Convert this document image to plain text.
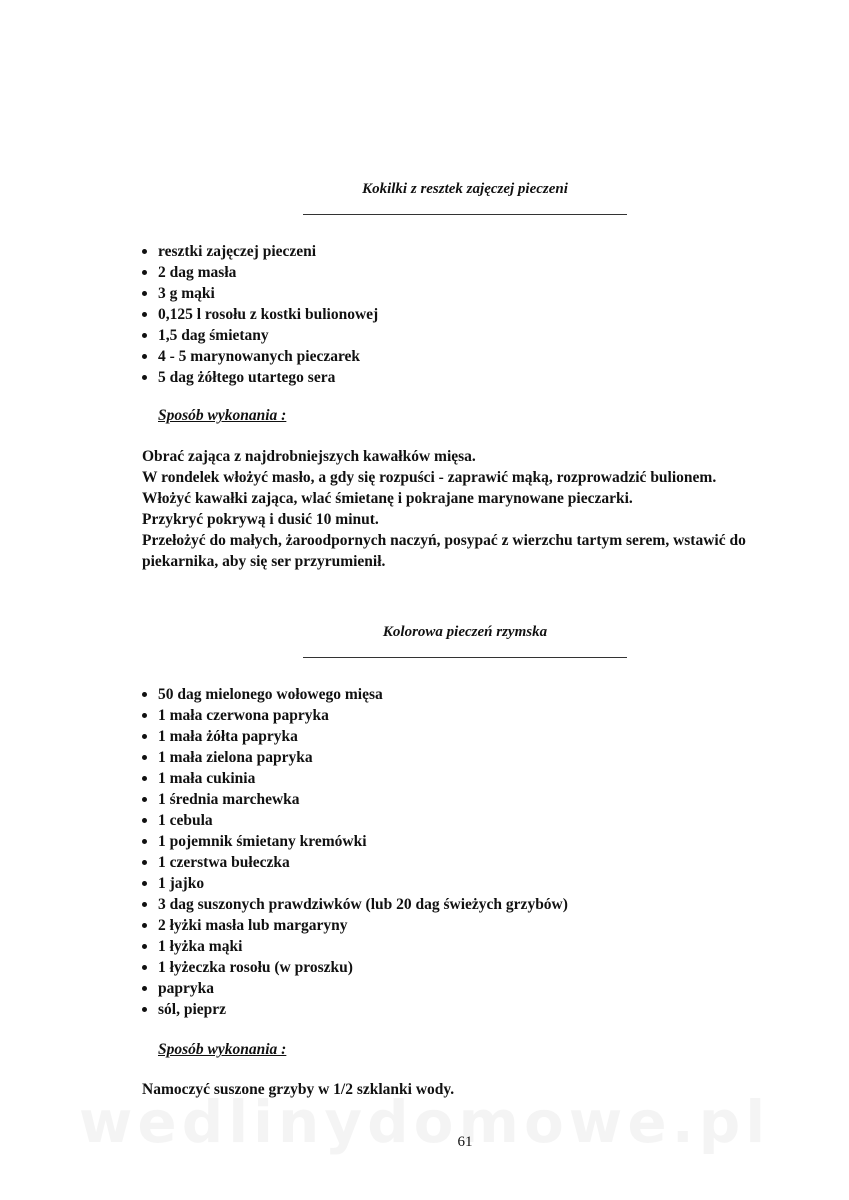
Kokilki z resztek zajęczej pieczeni
resztki zajęczej pieczeni
2 dag masła
3 g mąki
0,125 l rosołu z kostki bulionowej
1,5 dag śmietany
4 - 5 marynowanych pieczarek
5 dag żółtego utartego sera
Sposób wykonania :

Obrać zająca z najdrobniejszych kawałków mięsa.

W rondelek włożyć masło, a gdy się rozpuści - zaprawić mąką, rozprowadzić bulionem.

Włożyć kawałki zająca, wlać śmietanę i pokrajane marynowane pieczarki.

Przykryć pokrywą i dusić 10 minut.

Przełożyć do małych, żaroodpornych naczyń, posypać z wierzchu tartym serem, wstawić do piekarnika, aby się ser przyrumienił.

Kolorowa pieczeń rzymska
50 dag mielonego wołowego mięsa
1 mała czerwona papryka
1 mała żółta papryka
1 mała zielona papryka
1 mała cukinia
1 średnia marchewka
1 cebula
1 pojemnik śmietany kremówki
1 czerstwa bułeczka
1 jajko
3 dag suszonych prawdziwków (lub 20 dag świeżych grzybów)
2 łyżki masła lub margaryny
1 łyżka mąki
1 łyżeczka rosołu (w proszku)
papryka
sól, pieprz
Sposób wykonania :

Namoczyć suszone grzyby w 1/2 szklanki wody.

61
